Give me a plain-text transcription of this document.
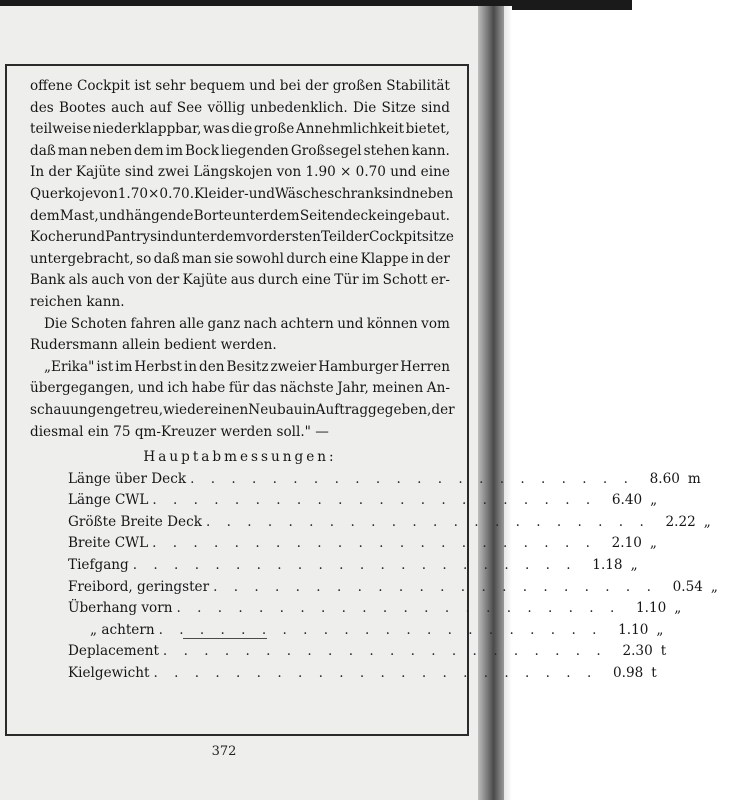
offene Cockpit ist sehr bequem und bei der großen Stabilität
des Bootes auch auf See völlig unbedenklich. Die Sitze sind
teilweise niederklappbar, was die große Annehmlichkeit bietet,
daß man neben dem im Bock liegenden Großsegel stehen kann.
In der Kajüte sind zwei Längskojen von 1.90 × 0.70 und eine
Querkoje von 1.70 × 0.70. Kleider- und Wäscheschrank sind neben
dem Mast, und hängende Borte unter dem Seitendeck eingebaut.
Kocher und Pantry sind unter dem vordersten Teil der Cockpitsitze
untergebracht, so daß man sie sowohl durch eine Klappe in der
Bank als auch von der Kajüte aus durch eine Tür im Schott er-
reichen kann.
Die Schoten fahren alle ganz nach achtern und können vom
Rudersmann allein bedient werden.
„Erika" ist im Herbst in den Besitz zweier Hamburger Herren
übergegangen, und ich habe für das nächste Jahr, meinen An-
schauungen getreu, wieder einen Neubau in Auftrag gegeben, der
diesmal ein 75 qm-Kreuzer werden soll." —
Hauptabmessungen:
Länge über Deck . . . . . . . . . . . . . . . . . . . . . .	8.60 m
Länge CWL . . . . . . . . . . . . . . . . . . . . . .	6.40 „
Größte Breite Deck . . . . . . . . . . . . . . . . . . . . . .	2.22 „
Breite CWL . . . . . . . . . . . . . . . . . . . . . .	2.10 „
Tiefgang . . . . . . . . . . . . . . . . . . . . . .	1.18 „
Freibord, geringster . . . . . . . . . . . . . . . . . . . . . .	0.54 „
Überhang vorn . . . . . . . . . . . . . . . . . . . . . .	1.10 „
„ achtern . . . . . . . . . . . . . . . . . . . . . .	1.10 „
Deplacement . . . . . . . . . . . . . . . . . . . . . .	2.30 t
Kielgewicht . . . . . . . . . . . . . . . . . . . . . .	0.98 t
372
